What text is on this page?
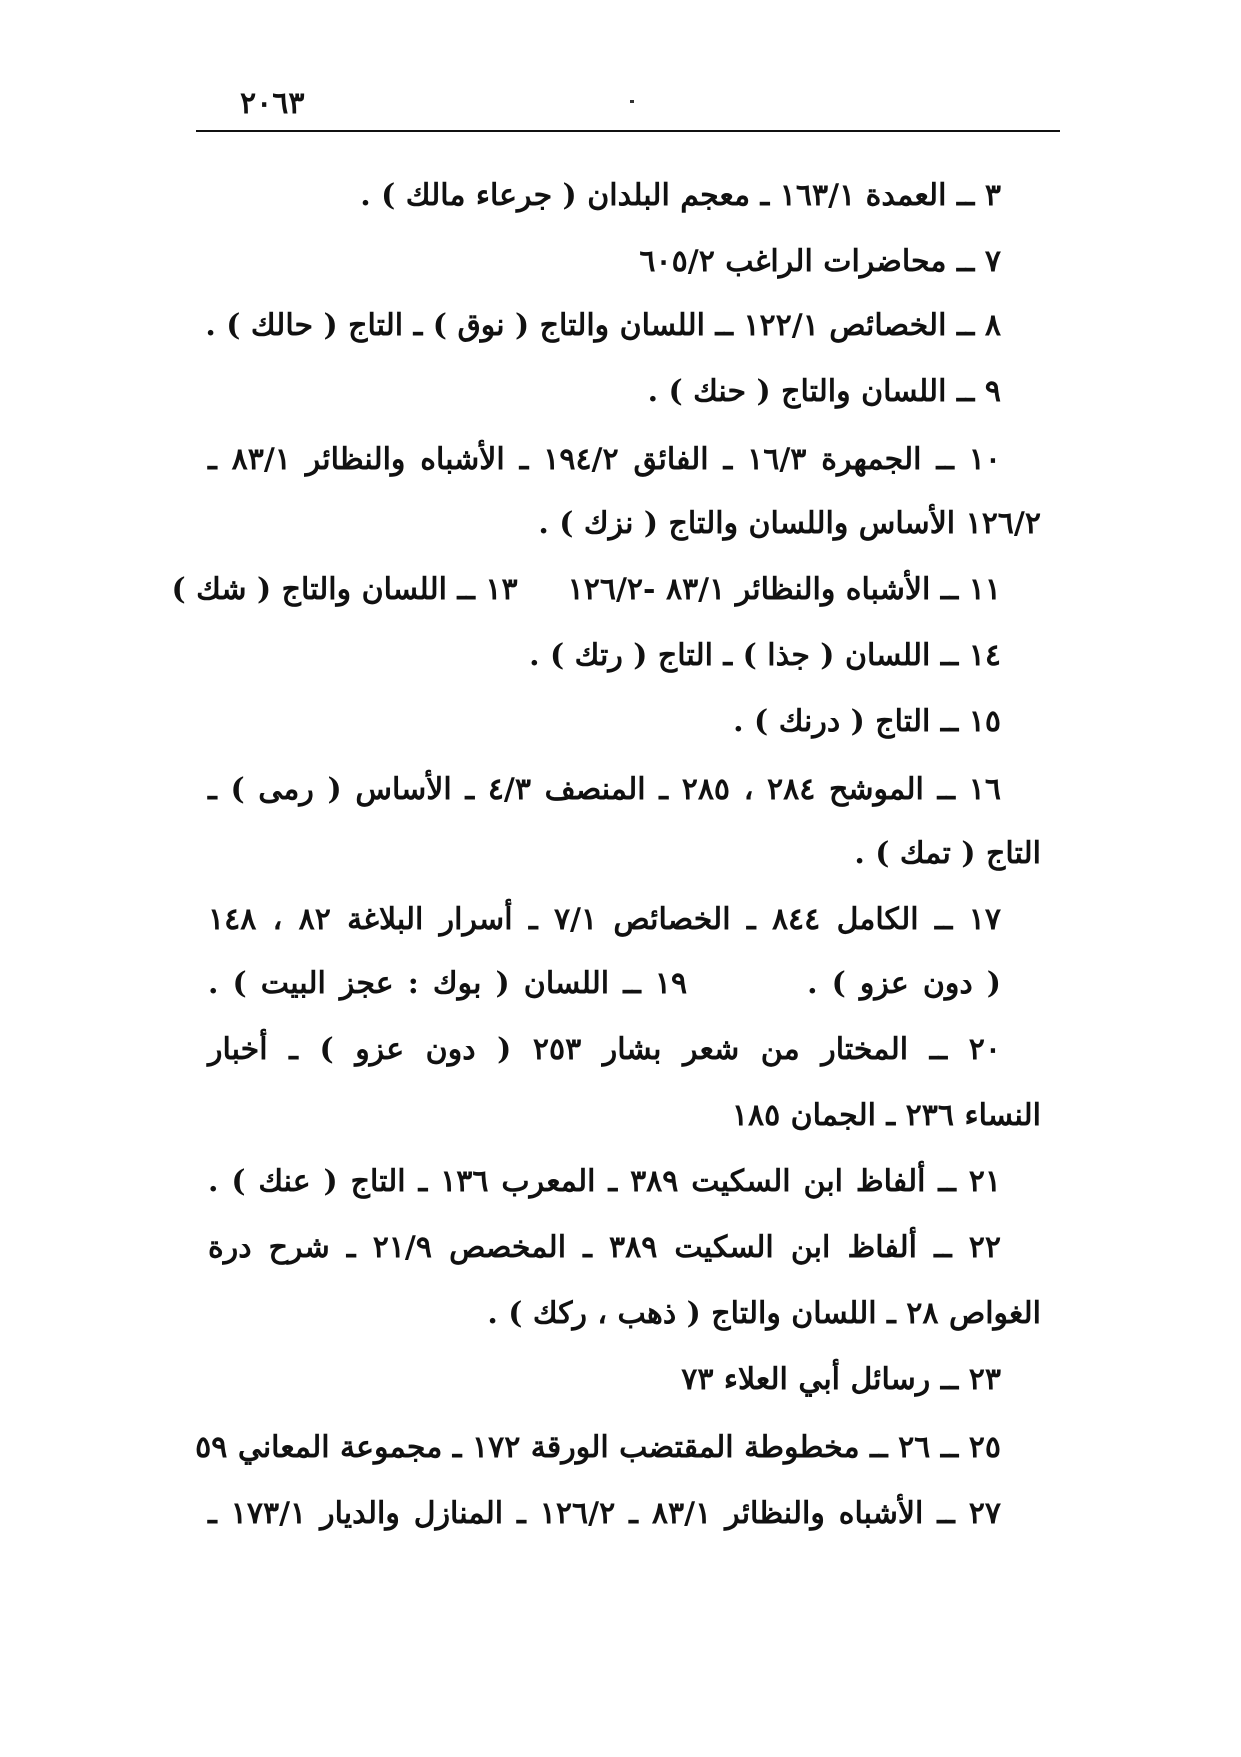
٢٠٦٣
٣ ــ العمدة ١٦٣/١ ـ معجم البلدان ( جرعاء مالك ) .
٧ ــ محاضرات الراغب ٦٠٥/٢
٨ ــ الخصائص ١٢٢/١ ــ اللسان والتاج ( نوق ) ـ التاج ( حالك ) .
٩ ــ اللسان والتاج ( حنك ) .
١٠ ــ الجمهرة ١٦/٣ ـ الفائق ١٩٤/٢ ـ الأشباه والنظائر ٨٣/١ ـ
١٢٦/٢ الأساس واللسان والتاج ( نزك ) .
١١ ــ الأشباه والنظائر ٨٣/١ -١٢٦/٢١٣ ــ اللسان والتاج ( شك )
١٤ ــ اللسان ( جذا ) ـ التاج ( رتك ) .
١٥ ــ التاج ( درنك ) .
١٦ ــ الموشح ٢٨٤ ، ٢٨٥ ـ المنصف ٤/٣ ـ الأساس ( رمى ) ـ
التاج ( تمك ) .
١٧ ــ الكامل ٨٤٤ ـ الخصائص ٧/١ ـ أسرار البلاغة ٨٢ ، ١٤٨
( دون عزو ) .١٩ ــ اللسان ( بوك : عجز البيت ) .
٢٠ ــ المختار من شعر بشار ٢٥٣ ( دون عزو ) ـ أخبار
النساء ٢٣٦ ـ الجمان ١٨٥
٢١ ــ ألفاظ ابن السكيت ٣٨٩ ـ المعرب ١٣٦ ـ التاج ( عنك ) .
٢٢ ــ ألفاظ ابن السكيت ٣٨٩ ـ المخصص ٢١/٩ ـ شرح درة
الغواص ٢٨ ـ اللسان والتاج ( ذهب ، ركك ) .
٢٣ ــ رسائل أبي العلاء ٧٣
٢٥ ــ ٢٦ ــ مخطوطة المقتضب الورقة ١٧٢ ـ مجموعة المعاني ٥٩
٢٧ ــ الأشباه والنظائر ٨٣/١ ـ ١٢٦/٢ ـ المنازل والديار ١٧٣/١ ـ
